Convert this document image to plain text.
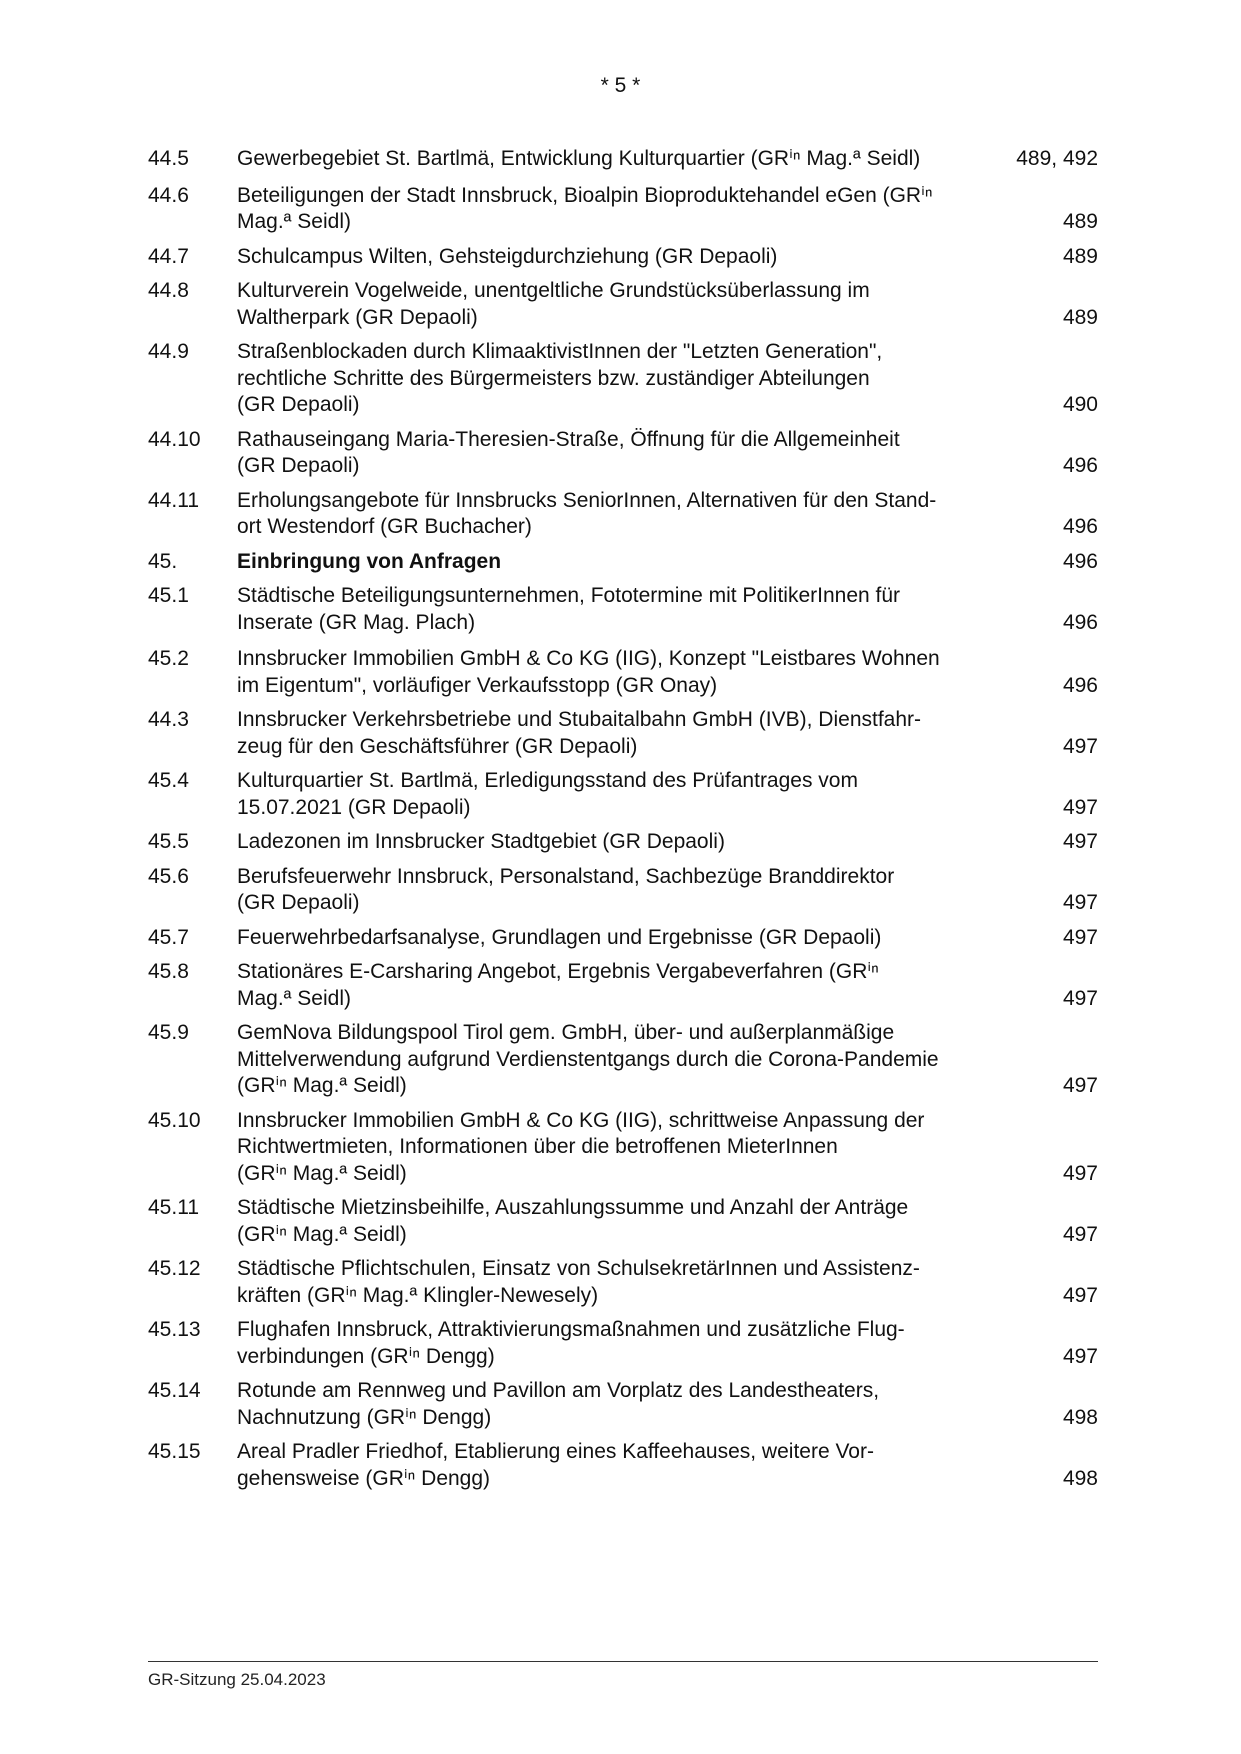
* 5 *
44.5	Gewerbegebiet St. Bartlmä, Entwicklung Kulturquartier (GRⁱⁿ Mag.ª Seidl)	489, 492
44.6	Beteiligungen der Stadt Innsbruck, Bioalpin Bioproduktehandel eGen (GRⁱⁿ
Mag.ª Seidl)	489
44.7	Schulcampus Wilten, Gehsteigdurchziehung (GR Depaoli)	489
44.8	Kulturverein Vogelweide, unentgeltliche Grundstücksüberlassung im
Waltherpark (GR Depaoli)	489
44.9	Straßenblockaden durch KlimaaktivistInnen der "Letzten Generation",
rechtliche Schritte des Bürgermeisters bzw. zuständiger Abteilungen
(GR Depaoli)	490
44.10	Rathauseingang Maria-Theresien-Straße, Öffnung für die Allgemeinheit
(GR Depaoli)	496
44.11	Erholungsangebote für Innsbrucks SeniorInnen, Alternativen für den Stand-
ort Westendorf (GR Buchacher)	496
45.	Einbringung von Anfragen	496
45.1	Städtische Beteiligungsunternehmen, Fototermine mit PolitikerInnen für
Inserate (GR Mag. Plach)	496
45.2	Innsbrucker Immobilien GmbH & Co KG (IIG), Konzept "Leistbares Wohnen
im Eigentum", vorläufiger Verkaufsstopp (GR Onay)	496
44.3	Innsbrucker Verkehrsbetriebe und Stubaitalbahn GmbH (IVB), Dienstfahr-
zeug für den Geschäftsführer (GR Depaoli)	497
45.4	Kulturquartier St. Bartlmä, Erledigungsstand des Prüfantrages vom
15.07.2021 (GR Depaoli)	497
45.5	Ladezonen im Innsbrucker Stadtgebiet (GR Depaoli)	497
45.6	Berufsfeuerwehr Innsbruck, Personalstand, Sachbezüge Branddirektor
(GR Depaoli)	497
45.7	Feuerwehrbedarfsanalyse, Grundlagen und Ergebnisse (GR Depaoli)	497
45.8	Stationäres E-Carsharing Angebot, Ergebnis Vergabeverfahren (GRⁱⁿ
Mag.ª Seidl)	497
45.9	GemNova Bildungspool Tirol gem. GmbH, über- und außerplanmäßige
Mittelverwendung aufgrund Verdienstentgangs durch die Corona-Pandemie
(GRⁱⁿ Mag.ª Seidl)	497
45.10	Innsbrucker Immobilien GmbH & Co KG (IIG), schrittweise Anpassung der
Richtwertmieten, Informationen über die betroffenen MieterInnen
(GRⁱⁿ Mag.ª Seidl)	497
45.11	Städtische Mietzinsbeihilfe, Auszahlungssumme und Anzahl der Anträge
(GRⁱⁿ Mag.ª Seidl)	497
45.12	Städtische Pflichtschulen, Einsatz von SchulsekretärInnen und Assistenz-
kräften (GRⁱⁿ Mag.ª Klingler-Newesely)	497
45.13	Flughafen Innsbruck, Attraktivierungsmaßnahmen und zusätzliche Flug-
verbindungen (GRⁱⁿ Dengg)	497
45.14	Rotunde am Rennweg und Pavillon am Vorplatz des Landestheaters,
Nachnutzung (GRⁱⁿ Dengg)	498
45.15	Areal Pradler Friedhof, Etablierung eines Kaffeehauses, weitere Vor-
gehensweise (GRⁱⁿ Dengg)	498
GR-Sitzung 25.04.2023
